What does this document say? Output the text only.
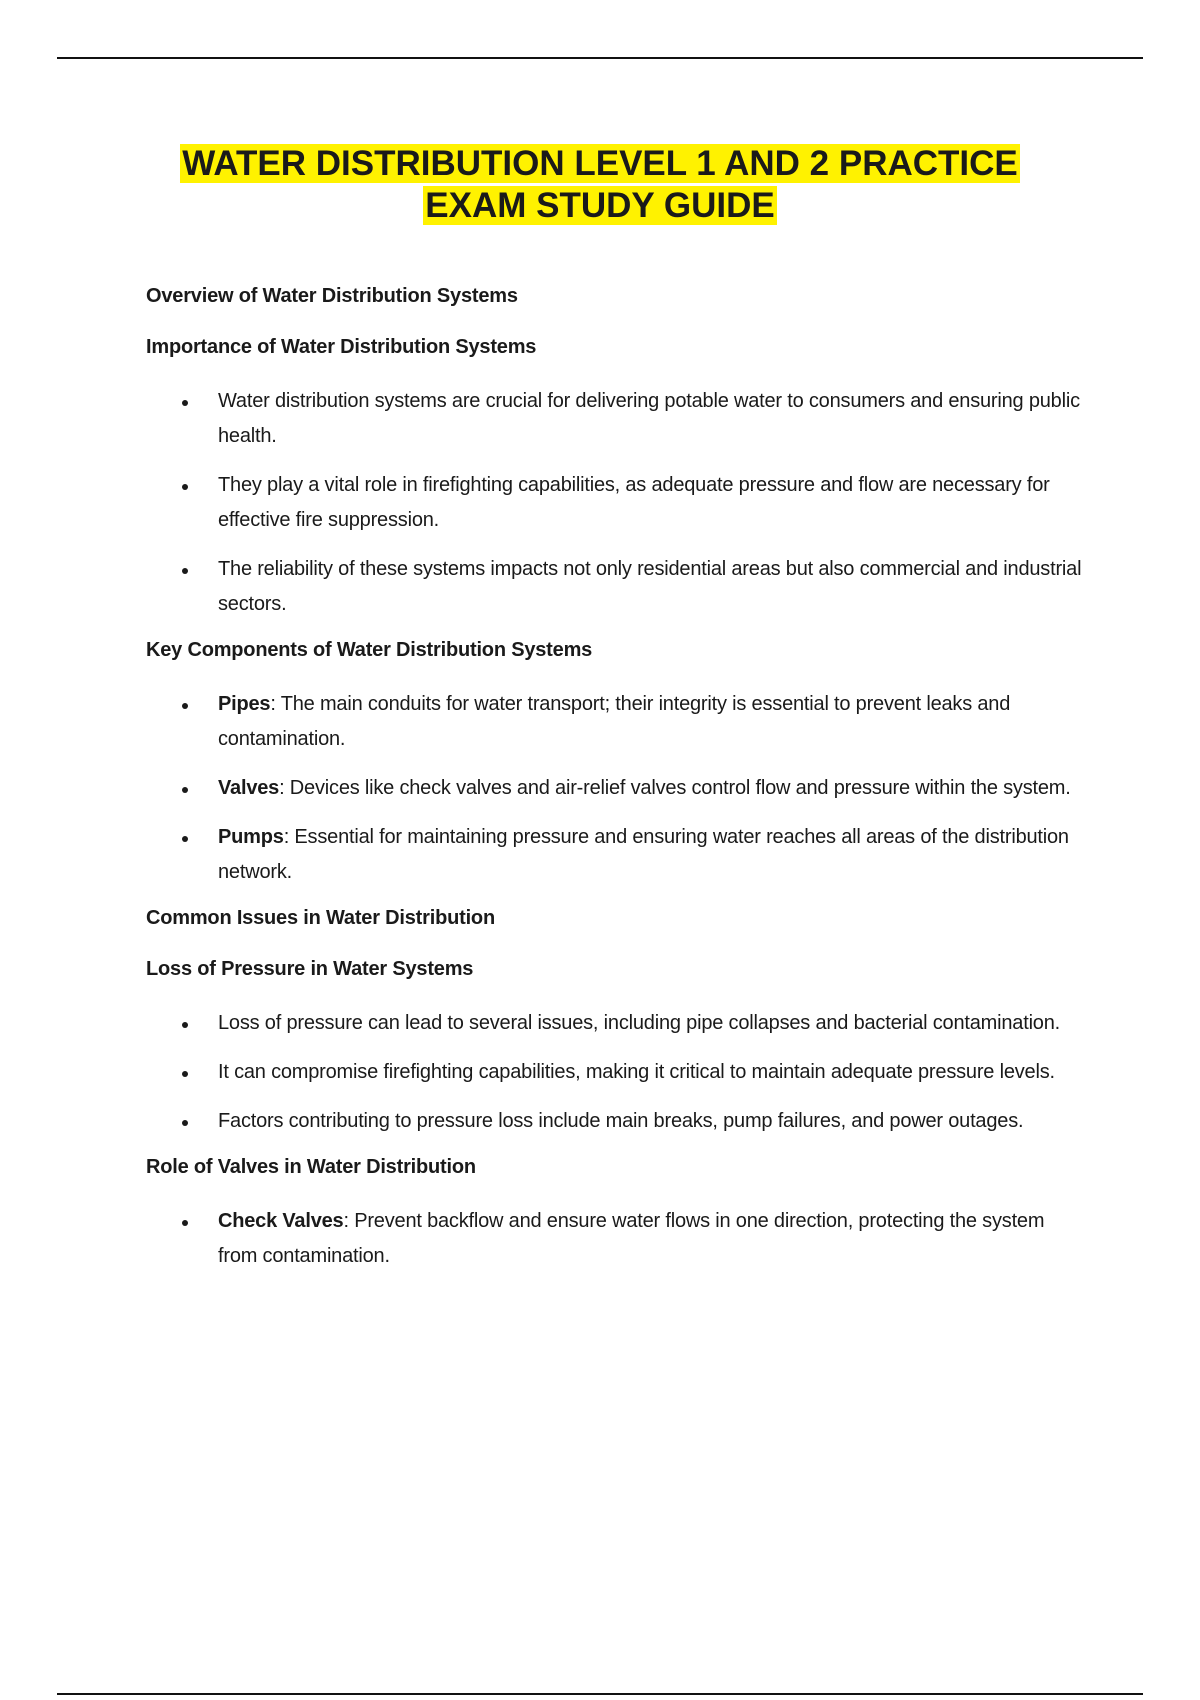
WATER DISTRIBUTION LEVEL 1 AND 2 PRACTICE
EXAM STUDY GUIDE

Overview of Water Distribution Systems

Importance of Water Distribution Systems

Water distribution systems are crucial for delivering potable water to consumers and ensuring public health.
They play a vital role in firefighting capabilities, as adequate pressure and flow are necessary for effective fire suppression.
The reliability of these systems impacts not only residential areas but also commercial and industrial sectors.

Key Components of Water Distribution Systems

Pipes: The main conduits for water transport; their integrity is essential to prevent leaks and contamination.
Valves: Devices like check valves and air-relief valves control flow and pressure within the system.
Pumps: Essential for maintaining pressure and ensuring water reaches all areas of the distribution network.

Common Issues in Water Distribution

Loss of Pressure in Water Systems

Loss of pressure can lead to several issues, including pipe collapses and bacterial contamination.
It can compromise firefighting capabilities, making it critical to maintain adequate pressure levels.
Factors contributing to pressure loss include main breaks, pump failures, and power outages.

Role of Valves in Water Distribution

Check Valves: Prevent backflow and ensure water flows in one direction, protecting the system from contamination.
